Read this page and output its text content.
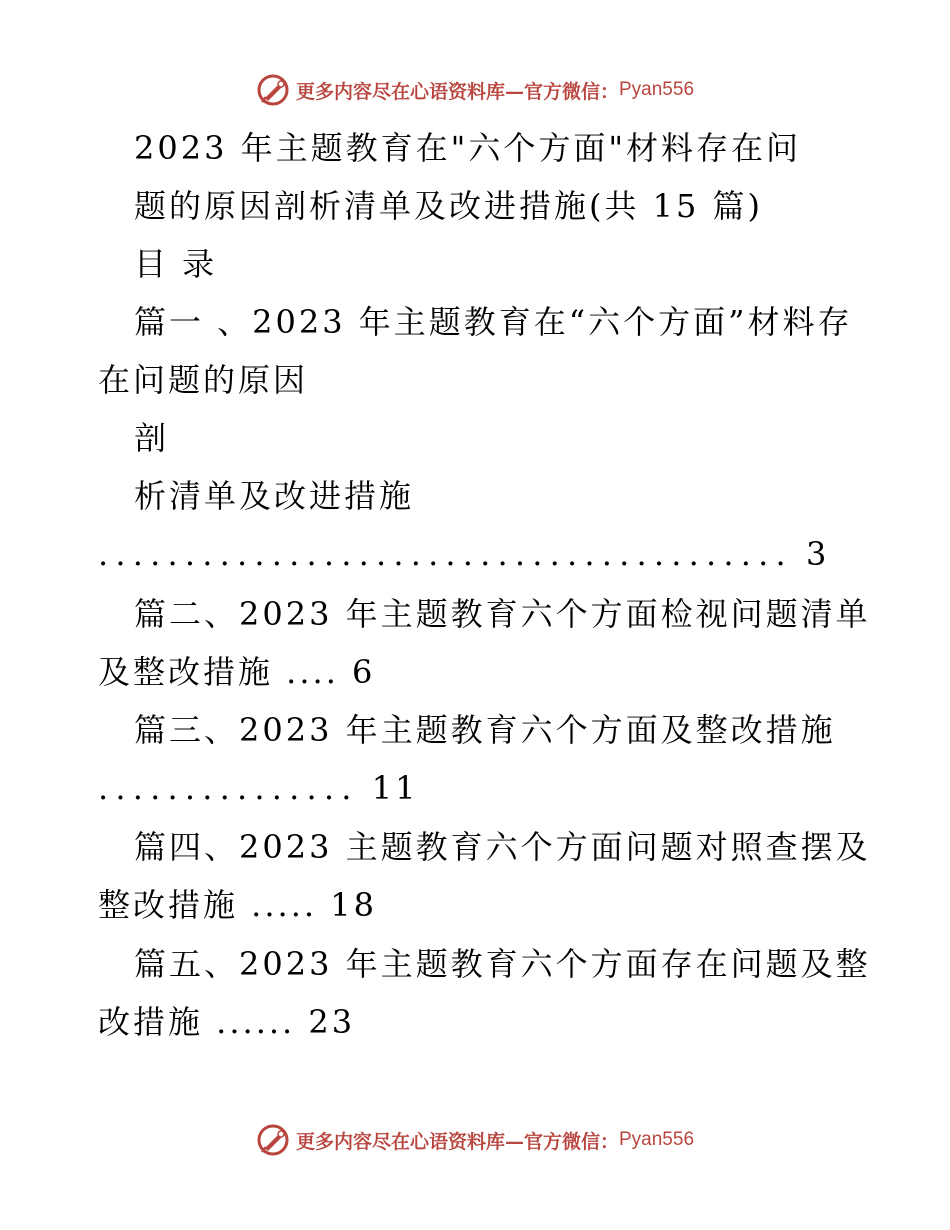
更多内容尽在心语资料库—官方微信： Pyan556
2023 年主题教育在"六个方面"材料存在问
题的原因剖析清单及改进措施(共 15 篇)
目 录
篇一 、2023 年主题教育在“六个方面”材料存
在问题的原因
剖
析清单及改进措施
........................................ 3
篇二、2023 年主题教育六个方面检视问题清单
及整改措施 .... 6
篇三、2023 年主题教育六个方面及整改措施
............... 11
篇四、2023 主题教育六个方面问题对照查摆及
整改措施 ..... 18
篇五、2023 年主题教育六个方面存在问题及整
改措施 ...... 23
更多内容尽在心语资料库—官方微信： Pyan556
